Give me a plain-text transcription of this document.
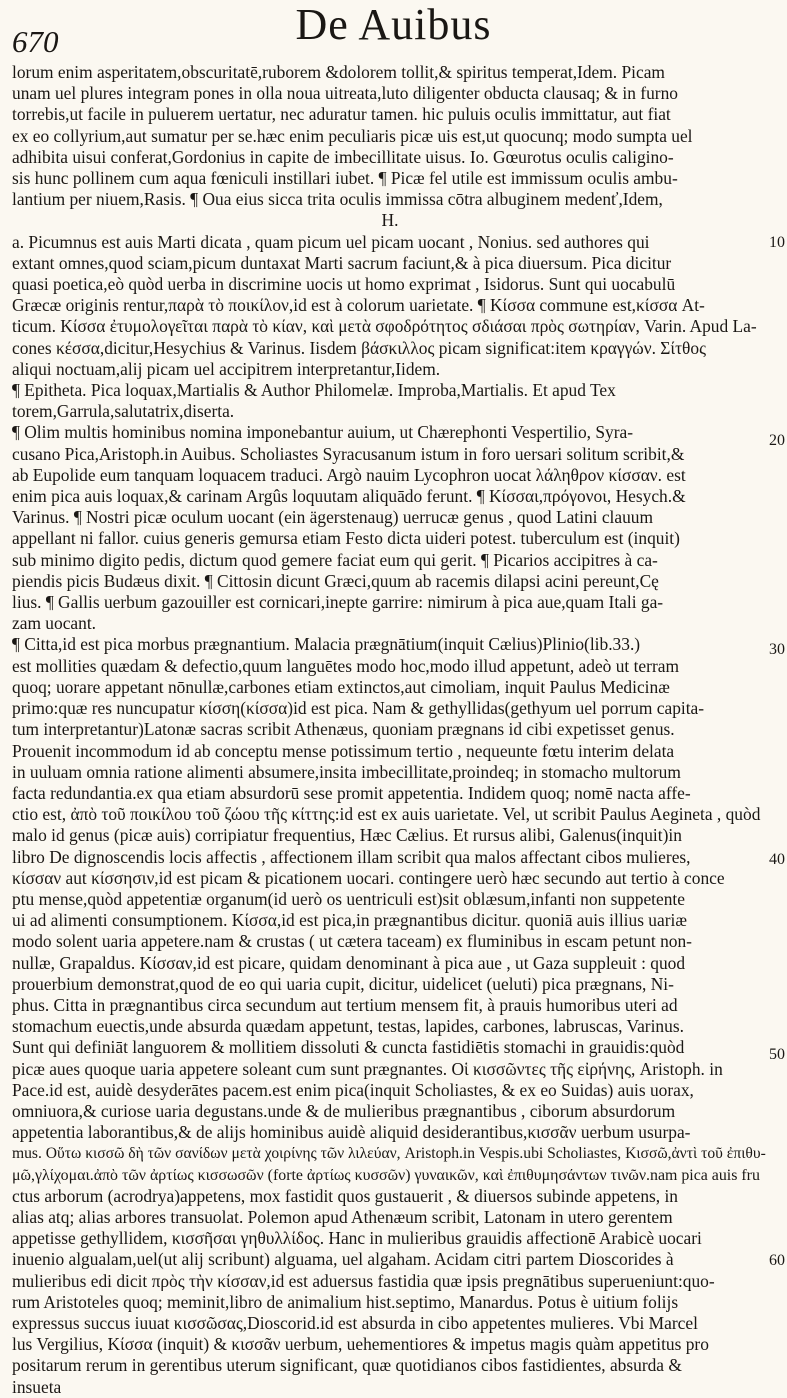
670	De Auibus
lorum enim asperitatem,obscuritatē,ruborem &dolorem tollit,& spiritus temperat,Idem. Picam
unam uel plures integram pones in olla noua uitreata,luto diligenter obducta clausaq; & in furno
torrebis,ut facile in puluerem uertatur, nec aduratur tamen. hic puluis oculis immittatur, aut fiat
ex eo collyrium,aut sumatur per se.hæc enim peculiaris picæ uis est,ut quocunq; modo sumpta uel
adhibita uisui conferat,Gordonius in capite de imbecillitate uisus. Io. Gœurotus oculis caligino-
sis hunc pollinem cum aqua fœniculi instillari iubet. ¶ Picæ fel utile est immissum oculis ambu-
lantium per niuem,Rasis. ¶ Oua eius sicca trita oculis immissa cōtra albuginem medenť,Idem,
H.
a. Picumnus est auis Marti dicata , quam picum uel picam uocant , Nonius. sed authores qui
extant omnes,quod sciam,picum duntaxat Marti sacrum faciunt,& à pica diuersum. Pica dicitur
quasi poetica,eò quòd uerba in discrimine uocis ut homo exprimat , Isidorus. Sunt qui uocabulū
Græcæ originis rentur,παρὰ τὸ ποικίλον,id est à colorum uarietate. ¶ Κίσσα commune est,κίσσα At-
ticum. Κίσσα ἐτυμολογεῖται παρὰ τὸ κίαν, καὶ μετὰ σφοδρότητος σδιάσαι πρὸς σωτηρίαν, Varin. Apud La-
cones κέσσα,dicitur,Hesychius & Varinus. Iisdem βάσκιλλος picam significat:item κραγγών. Σίτθος
aliqui noctuam,alij picam uel accipitrem interpretantur,Iidem.
¶ Epitheta. Pica loquax,Martialis & Author Philomelæ. Improba,Martialis. Et apud Tex
torem,Garrula,salutatrix,diserta.
¶ Olim multis hominibus nomina imponebantur auium, ut Chærephonti Vespertilio, Syra-
cusano Pica,Aristoph.in Auibus. Scholiastes Syracusanum istum in foro uersari solitum scribit,&
ab Eupolide eum tanquam loquacem traduci. Argò nauim Lycophron uocat λάληθρον κίσσαν. est
enim pica auis loquax,& carinam Argûs loquutam aliquādo ferunt. ¶ Κίσσαι,πρόγονοι, Hesych.&
Varinus. ¶ Nostri picæ oculum uocant (ein ägerstenaug) uerrucæ genus , quod Latini clauum
appellant ni fallor. cuius generis gemursa etiam Festo dicta uideri potest. tuberculum est (inquit)
sub minimo digito pedis, dictum quod gemere faciat eum qui gerit. ¶ Picarios accipitres à ca-
piendis picis Budæus dixit. ¶ Cittosin dicunt Græci,quum ab racemis dilapsi acini pereunt,Cę
lius. ¶ Gallis uerbum gazouiller est cornicari,inepte garrire: nimirum à pica aue,quam Itali ga-
zam uocant.
¶ Citta,id est pica morbus prægnantium. Malacia prægnātium(inquit Cælius)Plinio(lib.33.)
est mollities quædam & defectio,quum languētes modo hoc,modo illud appetunt, adeò ut terram
quoq; uorare appetant nōnullæ,carbones etiam extinctos,aut cimoliam, inquit Paulus Medicinæ
primo:quæ res nuncupatur κίσση(κίσσα)id est pica. Nam & gethyllidas(gethyum uel porrum capita-
tum interpretantur)Latonæ sacras scribit Athenæus, quoniam prægnans id cibi expetisset genus.
Prouenit incommodum id ab conceptu mense potissimum tertio , nequeunte fœtu interim delata
in uuluam omnia ratione alimenti absumere,insita imbecillitate,proindeq; in stomacho multorum
facta redundantia.ex qua etiam absurdorū sese promit appetentia. Indidem quoq; nomē nacta affe-
ctio est, ἀπὸ τοῦ ποικίλου τοῦ ζώου τῆς κίττης:id est ex auis uarietate. Vel, ut scribit Paulus Aegineta , quòd
malo id genus (picæ auis) corripiatur frequentius, Hæc Cælius. Et rursus alibi, Galenus(inquit)in
libro De dignoscendis locis affectis , affectionem illam scribit qua malos affectant cibos mulieres,
κίσσαν aut κίσσησιν,id est picam & picationem uocari. contingere uerò hæc secundo aut tertio à conce
ptu mense,quòd appetentiæ organum(id uerò os uentriculi est)sit oblæsum,infanti non suppetente
ui ad alimenti consumptionem. Κίσσα,id est pica,in prægnantibus dicitur. quoniā auis illius uariæ
modo solent uaria appetere.nam & crustas ( ut cætera taceam) ex fluminibus in escam petunt non-
nullæ, Grapaldus. Κίσσαν,id est picare, quidam denominant à pica aue , ut Gaza suppleuit : quod
prouerbium demonstrat,quod de eo qui uaria cupit, dicitur, uidelicet (ueluti) pica prægnans, Ni-
phus. Citta in prægnantibus circa secundum aut tertium mensem fit, à prauis humoribus uteri ad
stomachum euectis,unde absurda quædam appetunt, testas, lapides, carbones, labruscas, Varinus.
Sunt qui definiāt languorem & mollitiem dissoluti & cuncta fastidiētis stomachi in grauidis:quòd
picæ aues quoque uaria appetere soleant cum sunt prægnantes. Οἱ κισσῶντες τῆς εἰρήνης, Aristoph. in
Pace.id est, auidè desyderātes pacem.est enim pica(inquit Scholiastes, & ex eo Suidas) auis uorax,
omniuora,& curiose uaria degustans.unde & de mulieribus prægnantibus , ciborum absurdorum
appetentia laborantibus,& de alijs hominibus auidè aliquid desiderantibus,κισσᾶν uerbum usurpa-
mus. Οὕτω κισσῶ δὴ τῶν σανίδων μετὰ χοιρίνης τῶν λιλεύαν, Aristoph.in Vespis.ubi Scholiastes, Κισσῶ,ἀντὶ τοῦ ἐπιθυ-
μῶ,γλίχομαι.ἀπὸ τῶν ἀρτίως κισσωσῶν (forte ἀρτίως κυσσῶν) γυναικῶν, καὶ ἐπιθυμησάντων τινῶν.nam pica auis fru
ctus arborum (acrodrya)appetens, mox fastidit quos gustauerit , & diuersos subinde appetens, in
alias atq; alias arbores transuolat. Polemon apud Athenæum scribit, Latonam in utero gerentem
appetisse gethyllidem, κισσῆσαι γηθυλλίδος. Hanc in mulieribus grauidis affectionē Arabicè uocari
inuenio algualam,uel(ut alij scribunt) alguama, uel algaham. Acidam citri partem Dioscorides à
mulieribus edi dicit πρὸς τὴν κίσσαν,id est aduersus fastidia quæ ipsis pregnātibus superueniunt:quo-
rum Aristoteles quoq; meminit,libro de animalium hist.septimo, Manardus. Potus è uitium folijs
expressus succus iuuat κισσῶσας,Dioscorid.id est absurda in cibo appetentes mulieres. Vbi Marcel
lus Vergilius, Κίσσα (inquit) & κισσᾶν uerbum, uehementiores & impetus magis quàm appetitus pro
positarum rerum in gerentibus uterum significant, quæ quotidianos cibos fastidientes, absurda &
insueta
10
20
30
40
50
60
